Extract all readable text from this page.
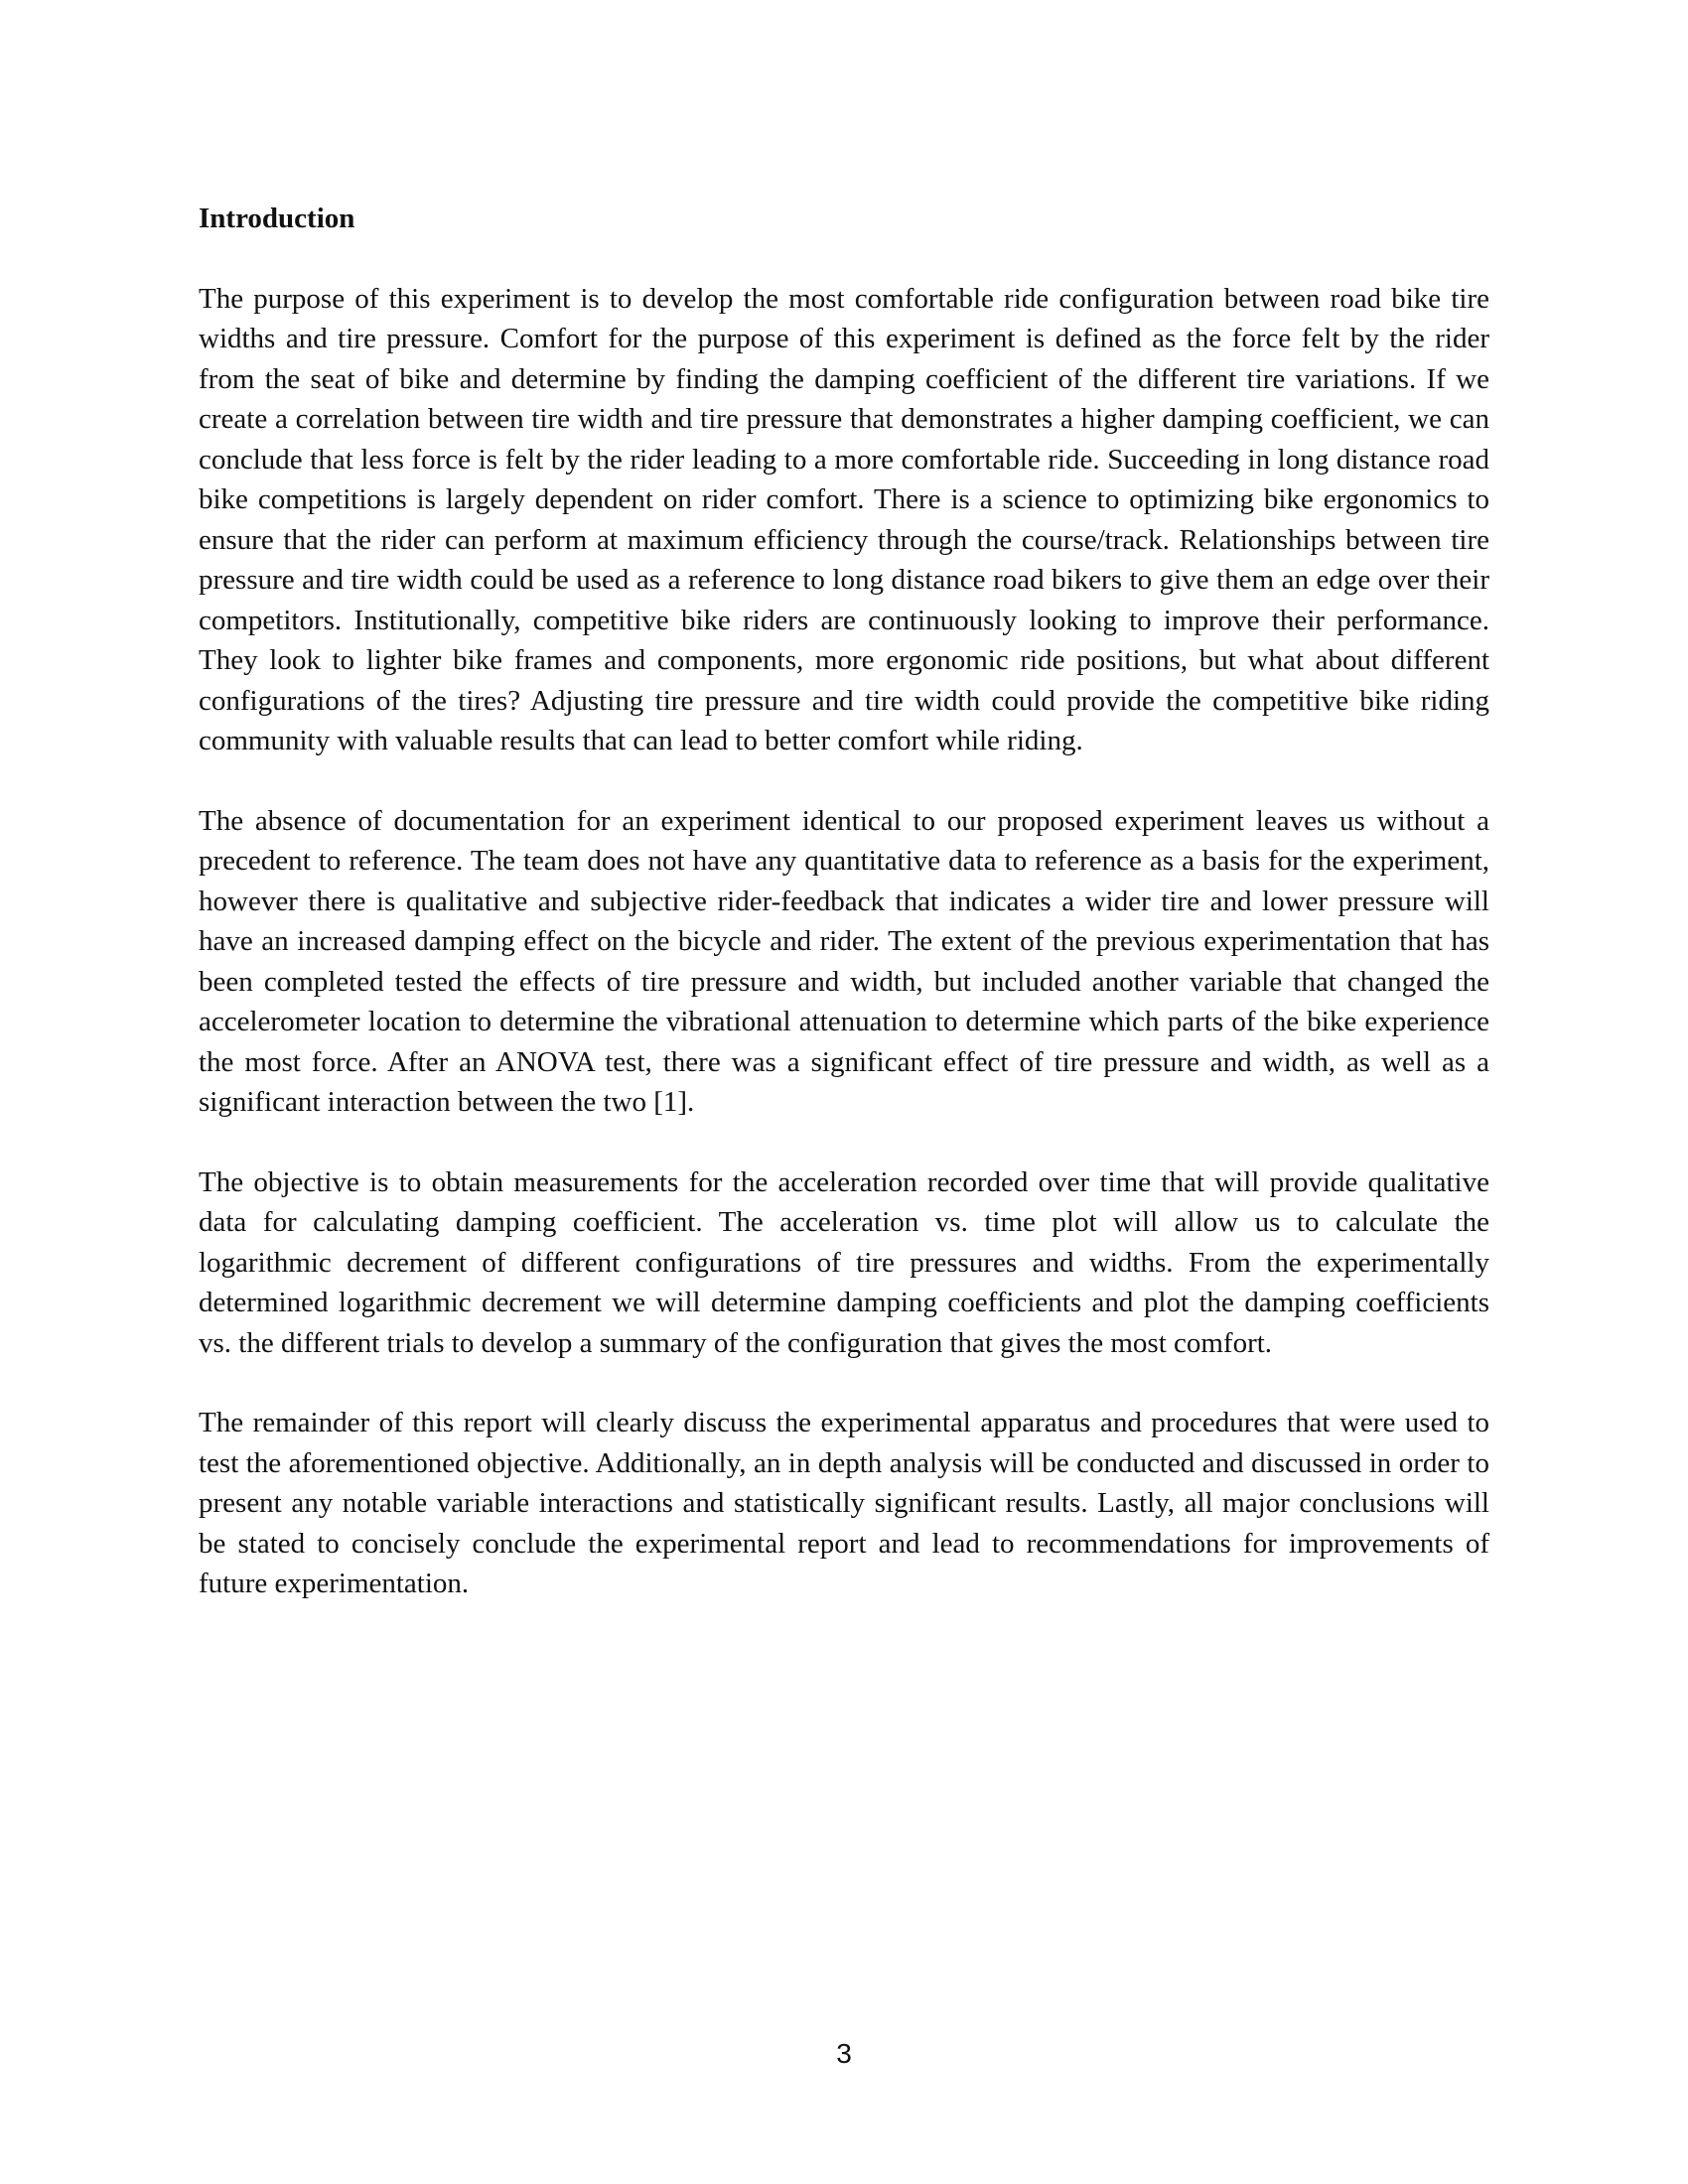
Introduction

The purpose of this experiment is to develop the most comfortable ride configuration between road bike tire widths and tire pressure. Comfort for the purpose of this experiment is defined as the force felt by the rider from the seat of bike and determine by finding the damping coefficient of the different tire variations. If we create a correlation between tire width and tire pressure that demonstrates a higher damping coefficient, we can conclude that less force is felt by the rider leading to a more comfortable ride. Succeeding in long distance road bike competitions is largely dependent on rider comfort. There is a science to optimizing bike ergonomics to ensure that the rider can perform at maximum efficiency through the course/track. Relationships between tire pressure and tire width could be used as a reference to long distance road bikers to give them an edge over their competitors. Institutionally, competitive bike riders are continuously looking to improve their performance. They look to lighter bike frames and components, more ergonomic ride positions, but what about different configurations of the tires? Adjusting tire pressure and tire width could provide the competitive bike riding community with valuable results that can lead to better comfort while riding.

The absence of documentation for an experiment identical to our proposed experiment leaves us without a precedent to reference. The team does not have any quantitative data to reference as a basis for the experiment, however there is qualitative and subjective rider-feedback that indicates a wider tire and lower pressure will have an increased damping effect on the bicycle and rider. The extent of the previous experimentation that has been completed tested the effects of tire pressure and width, but included another variable that changed the accelerometer location to determine the vibrational attenuation to determine which parts of the bike experience the most force. After an ANOVA test, there was a significant effect of tire pressure and width, as well as a significant interaction between the two [1].

The objective is to obtain measurements for the acceleration recorded over time that will provide qualitative data for calculating damping coefficient. The acceleration vs. time plot will allow us to calculate the logarithmic decrement of different configurations of tire pressures and widths. From the experimentally determined logarithmic decrement we will determine damping coefficients and plot the damping coefficients vs. the different trials to develop a summary of the configuration that gives the most comfort.

The remainder of this report will clearly discuss the experimental apparatus and procedures that were used to test the aforementioned objective. Additionally, an in depth analysis will be conducted and discussed in order to present any notable variable interactions and statistically significant results. Lastly, all major conclusions will be stated to concisely conclude the experimental report and lead to recommendations for improvements of future experimentation.

3
